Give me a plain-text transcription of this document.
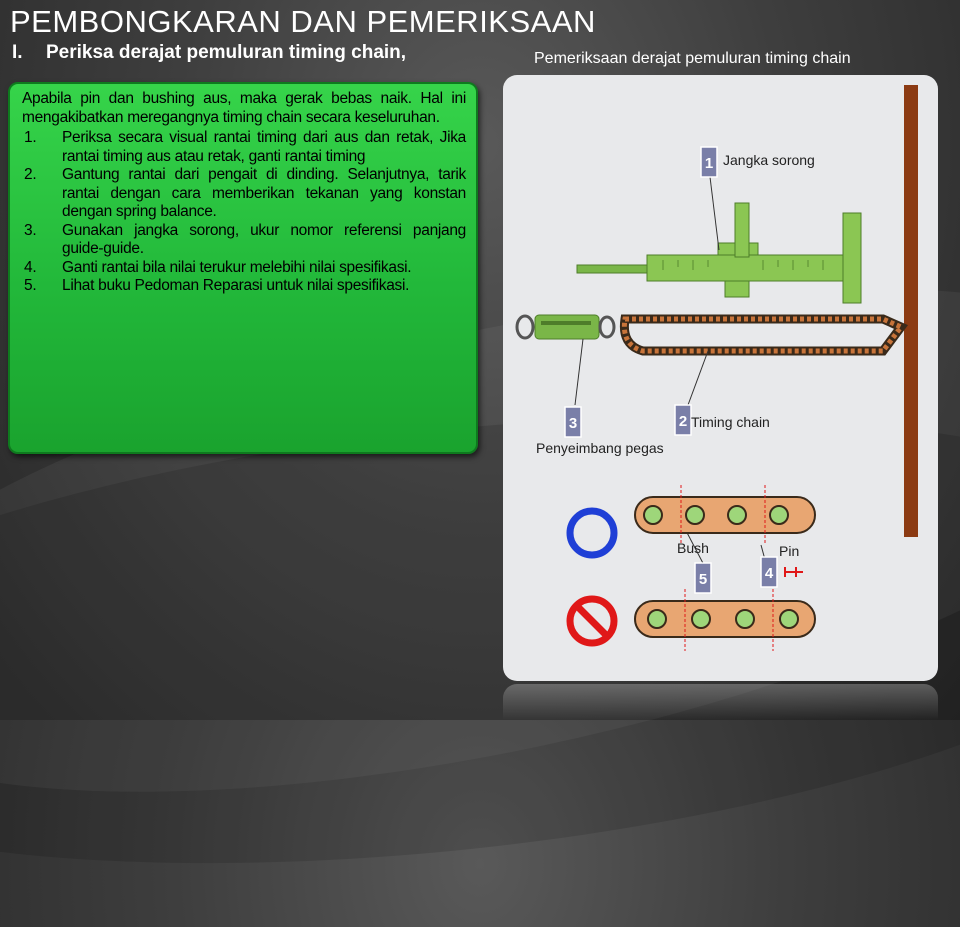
PEMBONGKARAN DAN PEMERIKSAAN
I. Periksa derajat pemuluran timing chain,	Pemeriksaan derajat pemuluran timing chain

Apabila pin dan bushing aus, maka gerak bebas naik. Hal ini mengakibatkan meregangnya timing chain secara keseluruhan.

1.	Periksa secara visual rantai timing dari aus dan retak, Jika rantai timing aus atau retak, ganti rantai timing
2.	Gantung rantai dari pengait di dinding. Selanjutnya, tarik rantai dengan cara memberikan tekanan yang konstan dengan spring balance.
3.	Gunakan jangka sorong, ukur nomor referensi panjang guide-guide.
4.	Ganti rantai bila nilai terukur melebihi nilai spesifikasi.
5.	Lihat buku Pedoman Reparasi untuk nilai spesifikasi.
1 Jangka sorong
2 Timing chain
3
Penyeimbang pegas
Bush	Pin
5	4
